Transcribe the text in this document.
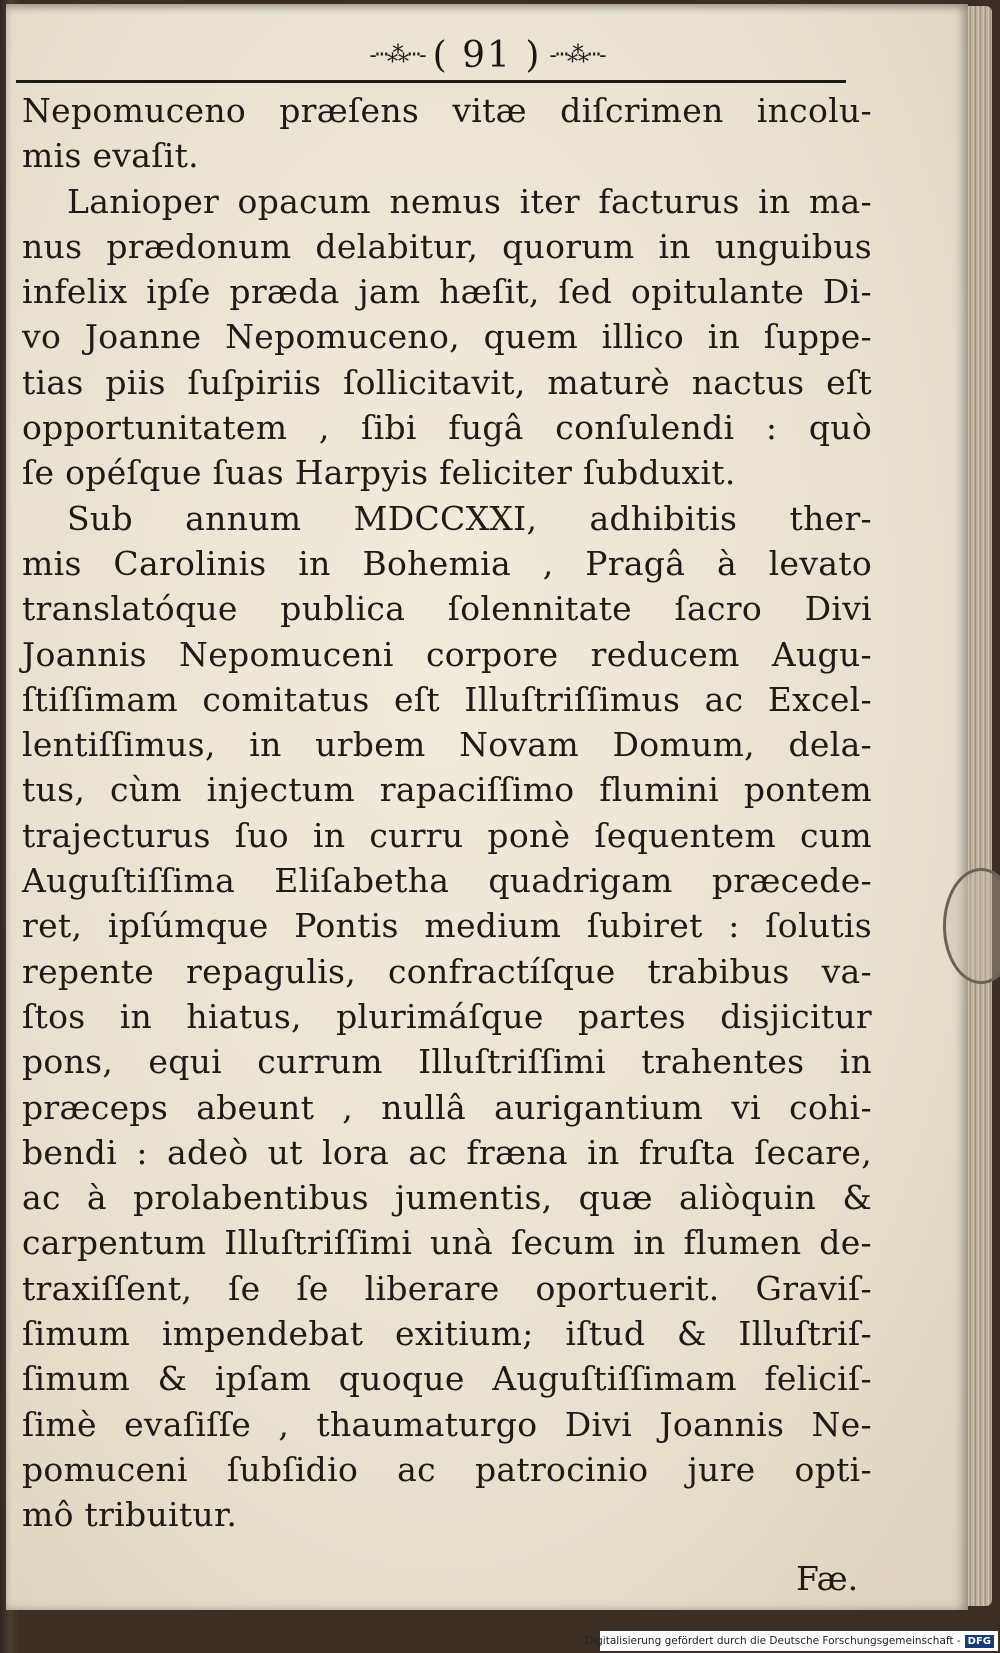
-ⵈ⁂ⵈ- ( 91 ) -ⵈ⁂ⵈ-
Nepomuceno præſens vitæ diſcrimen incolu-
mis evaſit.
Lanioper opacum nemus iter facturus in ma-
nus prædonum delabitur, quorum in unguibus
infelix ipſe præda jam hæſit, ſed opitulante Di-
vo Joanne Nepomuceno, quem illico in ſuppe-
tias piis ſuſpiriis ſollicitavit, maturè nactus eſt
opportunitatem , ſibi fugâ conſulendi : quò
ſe opéſque ſuas Harpyis feliciter ſubduxit.
Sub annum MDCCXXI, adhibitis ther-
mis Carolinis in Bohemia , Pragâ à levato
translatóque publica ſolennitate ſacro Divi
Joannis Nepomuceni corpore reducem Augu-
ſtiſſimam comitatus eſt Illuſtriſſimus ac Excel-
lentiſſimus, in urbem Novam Domum, dela-
tus, cùm injectum rapaciſſimo flumini pontem
trajecturus ſuo in curru ponè ſequentem cum
Auguſtiſſima Eliſabetha quadrigam præcede-
ret, ipſúmque Pontis medium ſubiret : ſolutis
repente repagulis, confractíſque trabibus va-
ſtos in hiatus, plurimáſque partes disjicitur
pons, equi currum Illuſtriſſimi trahentes in
præceps abeunt , nullâ aurigantium vi cohi-
bendi : adeò ut lora ac fræna in fruſta ſecare,
ac à prolabentibus jumentis, quæ aliòquin &
carpentum Illuſtriſſimi unà ſecum in flumen de-
traxiſſent, ſe ſe liberare oportuerit. Graviſ-
ſimum impendebat exitium; iſtud & Illuſtriſ-
ſimum & ipſam quoque Auguſtiſſimam feliciſ-
ſimè evaſiſſe , thaumaturgo Divi Joannis Ne-
pomuceni ſubſidio ac patrocinio jure opti-
mô tribuitur.
Fæ.
Digitalisierung gefördert durch die Deutsche Forschungsgemeinschaft - DFG
